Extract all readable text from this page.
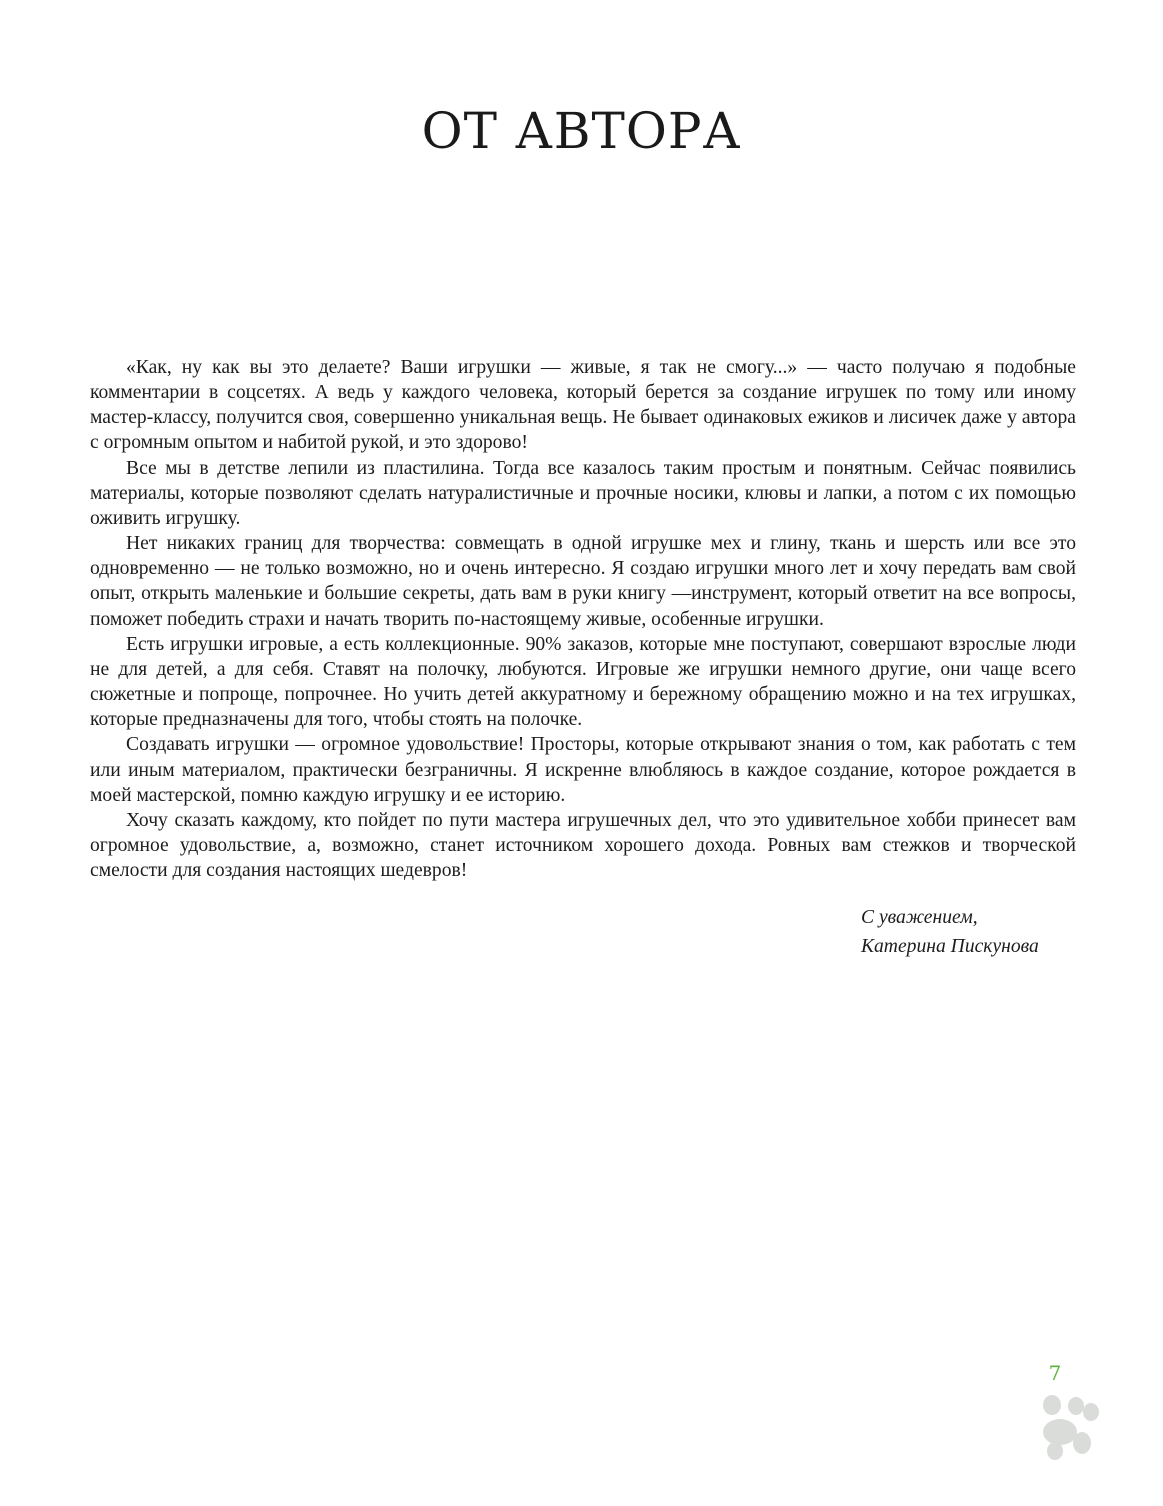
ОТ АВТОРА

«Как, ну как вы это делаете? Ваши игрушки — живые, я так не смогу...» — часто получаю я подобные комментарии в соцсетях. А ведь у каждого человека, который берется за создание игрушек по тому или иному мастер-классу, получится своя, совершенно уникальная вещь. Не бывает одинаковых ежиков и лисичек даже у автора с огромным опытом и набитой рукой, и это здорово!

Все мы в детстве лепили из пластилина. Тогда все казалось таким простым и понятным. Сейчас появились материалы, которые позволяют сделать натуралистичные и прочные носики, клювы и лапки, а потом с их помощью оживить игрушку.

Нет никаких границ для творчества: совмещать в одной игрушке мех и глину, ткань и шерсть или все это одновременно — не только возможно, но и очень интересно. Я создаю игрушки много лет и хочу передать вам свой опыт, открыть маленькие и большие секреты, дать вам в руки книгу —инструмент, который ответит на все вопросы, поможет победить страхи и начать творить по-настоящему живые, особенные игрушки.

Есть игрушки игровые, а есть коллекционные. 90% заказов, которые мне поступают, совершают взрослые люди не для детей, а для себя. Ставят на полочку, любуются. Игровые же игрушки немного другие, они чаще всего сюжетные и попроще, попрочнее. Но учить детей аккуратному и бережному обращению можно и на тех игрушках, которые предназначены для того, чтобы стоять на полочке.

Создавать игрушки — огромное удовольствие! Просторы, которые открывают знания о том, как работать с тем или иным материалом, практически безграничны. Я искренне влюбляюсь в каждое создание, которое рождается в моей мастерской, помню каждую игрушку и ее историю.

Хочу сказать каждому, кто пойдет по пути мастера игрушечных дел, что это удивительное хобби принесет вам огромное удовольствие, а, возможно, станет источником хорошего дохода. Ровных вам стежков и творческой смелости для создания настоящих шедевров!

С уважением,
Катерина Пискунова
7
